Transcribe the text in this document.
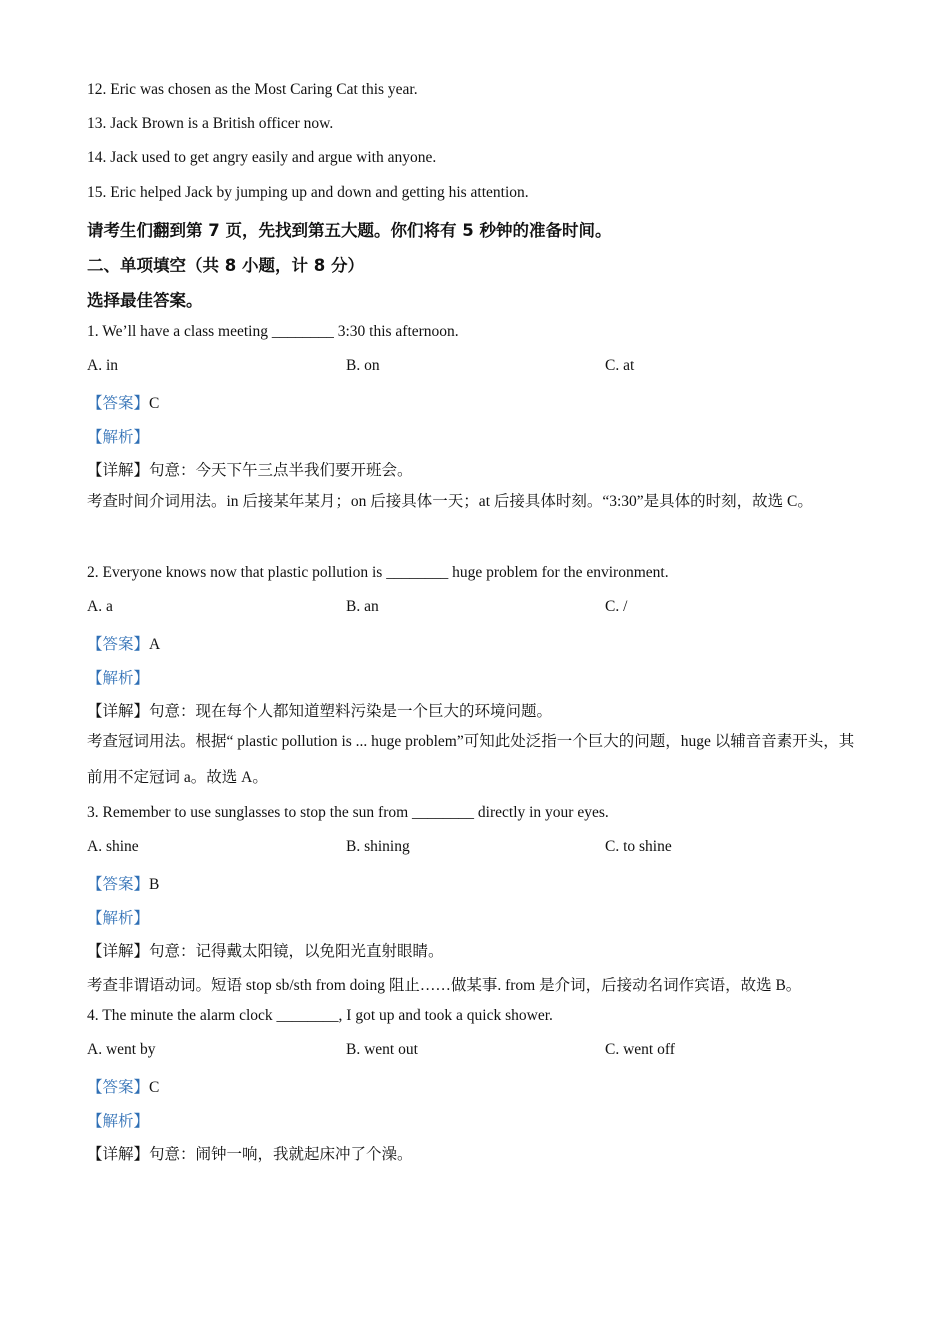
12. Eric was chosen as the Most Caring Cat this year.
13. Jack Brown is a British officer now.
14. Jack used to get angry easily and argue with anyone.
15. Eric helped Jack by jumping up and down and getting his attention.
请考生们翻到第 7 页，先找到第五大题。你们将有 5 秒钟的准备时间。
二、单项填空（共 8 小题，计 8 分）
选择最佳答案。
1. We’ll have a class meeting ________ 3:30 this afternoon.
A. in	B. on	C. at
【答案】C
【解析】
【详解】句意：今天下午三点半我们要开班会。
考查时间介词用法。in 后接某年某月；on 后接具体一天；at 后接具体时刻。“3:30”是具体的时刻，故选 C。
2. Everyone knows now that plastic pollution is ________ huge problem for the environment.
A. a	B. an	C. /
【答案】A
【解析】
【详解】句意：现在每个人都知道塑料污染是一个巨大的环境问题。
考查冠词用法。根据“ plastic pollution is ... huge problem”可知此处泛指一个巨大的问题，huge 以辅音音素开头，其前用不定冠词 a。故选 A。
3. Remember to use sunglasses to stop the sun from ________ directly in your eyes.
A. shine	B. shining	C. to shine
【答案】B
【解析】
【详解】句意：记得戴太阳镜，以免阳光直射眼睛。
考查非谓语动词。短语 stop sb/sth from doing 阻止……做某事. from 是介词，后接动名词作宾语，故选 B。
4. The minute the alarm clock ________, I got up and took a quick shower.
A. went by	B. went out	C. went off
【答案】C
【解析】
【详解】句意：闹钟一响，我就起床冲了个澡。
